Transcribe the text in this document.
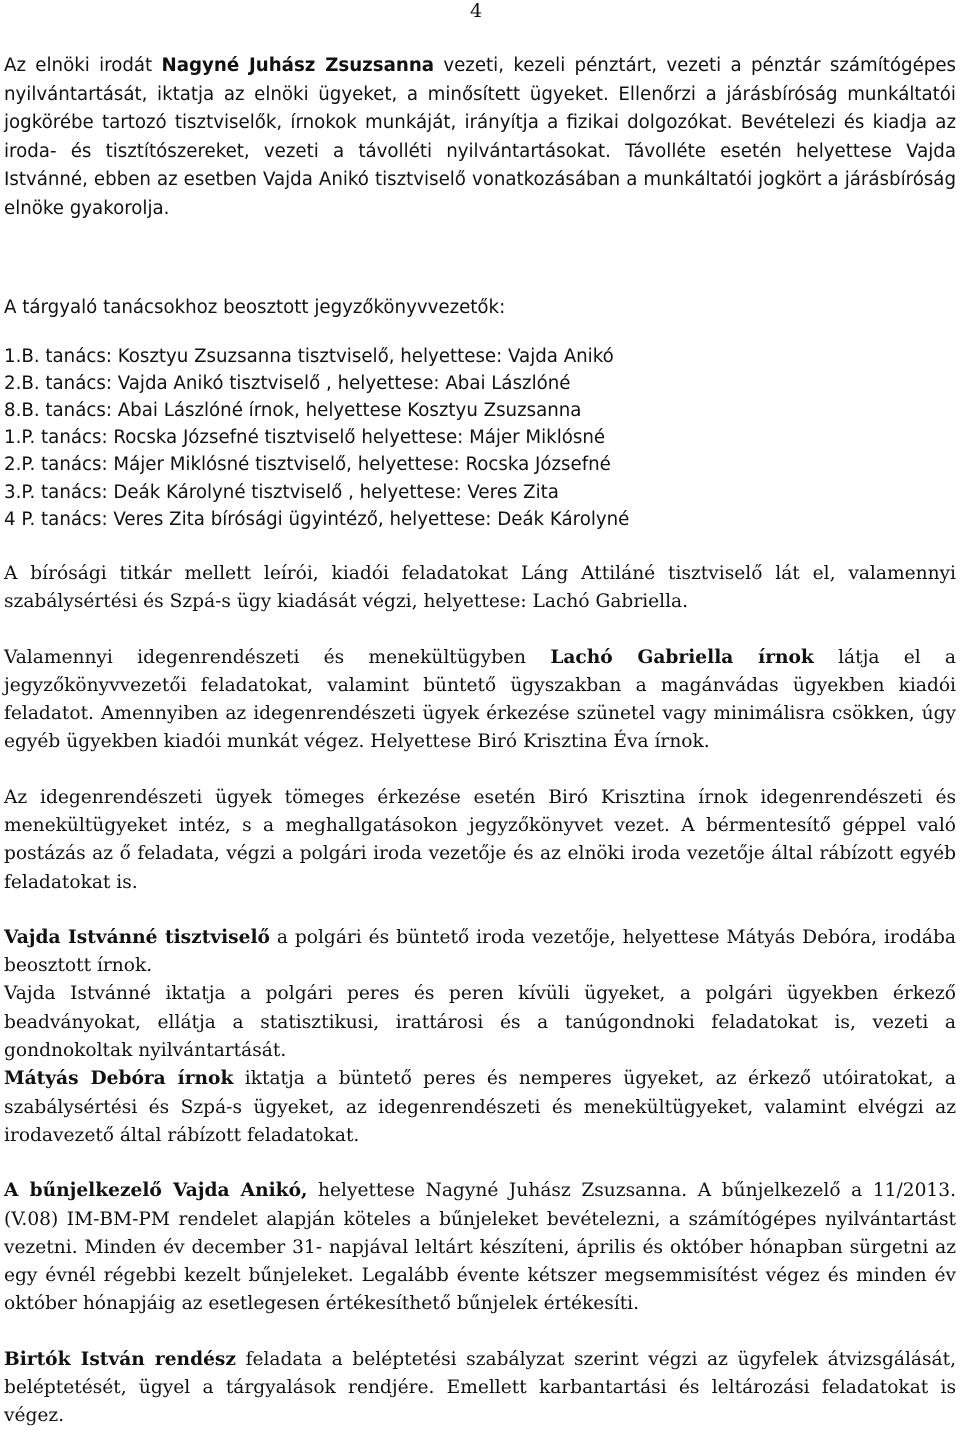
4

Az elnöki irodát Nagyné Juhász Zsuzsanna vezeti, kezeli pénztárt, vezeti a pénztár számítógépes nyilvántartását, iktatja az elnöki ügyeket, a minősített ügyeket. Ellenőrzi a járásbíróság munkáltatói jogkörébe tartozó tisztviselők, írnokok munkáját, irányítja a fizikai dolgozókat. Bevételezi és kiadja az iroda- és tisztítószereket, vezeti a távolléti nyilvántartásokat. Távolléte esetén helyettese Vajda Istvánné, ebben az esetben Vajda Anikó tisztviselő vonatkozásában a munkáltatói jogkört a járásbíróság elnöke gyakorolja.

A tárgyaló tanácsokhoz beosztott jegyzőkönyvvezetők:

1.B. tanács: Kosztyu Zsuzsanna tisztviselő, helyettese: Vajda Anikó

2.B. tanács: Vajda Anikó tisztviselő , helyettese: Abai Lászlóné

8.B. tanács: Abai Lászlóné írnok, helyettese Kosztyu Zsuzsanna

1.P. tanács: Rocska Józsefné tisztviselő helyettese: Májer Miklósné

2.P. tanács: Májer Miklósné tisztviselő, helyettese: Rocska Józsefné

3.P. tanács: Deák Károlyné tisztviselő , helyettese: Veres Zita

4 P. tanács: Veres Zita bírósági ügyintéző, helyettese: Deák Károlyné

A bírósági titkár mellett leírói, kiadói feladatokat Láng Attiláné tisztviselő lát el, valamennyi szabálysértési és Szpá-s ügy kiadását végzi, helyettese: Lachó Gabriella.

Valamennyi idegenrendészeti és menekültügyben Lachó Gabriella írnok látja el a jegyzőkönyvvezetői feladatokat, valamint büntető ügyszakban a magánvádas ügyekben kiadói feladatot. Amennyiben az idegenrendészeti ügyek érkezése szünetel vagy minimálisra csökken, úgy egyéb ügyekben kiadói munkát végez. Helyettese Biró Krisztina Éva írnok.

Az idegenrendészeti ügyek tömeges érkezése esetén Biró Krisztina írnok idegenrendészeti és menekültügyeket intéz, s a meghallgatásokon jegyzőkönyvet vezet. A bérmentesítő géppel való postázás az ő feladata, végzi a polgári iroda vezetője és az elnöki iroda vezetője által rábízott egyéb feladatokat is.

Vajda Istvánné tisztviselő a polgári és büntető iroda vezetője, helyettese Mátyás Debóra, irodába beosztott írnok.

Vajda Istvánné iktatja a polgári peres és peren kívüli ügyeket, a polgári ügyekben érkező beadványokat, ellátja a statisztikusi, irattárosi és a tanúgondnoki feladatokat is, vezeti a gondnokoltak nyilvántartását.

Mátyás Debóra írnok iktatja a büntető peres és nemperes ügyeket, az érkező utóiratokat, a szabálysértési és Szpá-s ügyeket, az idegenrendészeti és menekültügyeket, valamint elvégzi az irodavezető által rábízott feladatokat.

A bűnjelkezelő Vajda Anikó, helyettese Nagyné Juhász Zsuzsanna. A bűnjelkezelő a 11/2013. (V.08) IM-BM-PM rendelet alapján köteles a bűnjeleket bevételezni, a számítógépes nyilvántartást vezetni. Minden év december 31- napjával leltárt készíteni, április és október hónapban sürgetni az egy évnél régebbi kezelt bűnjeleket. Legalább évente kétszer megsemmisítést végez és minden év október hónapjáig az esetlegesen értékesíthető bűnjelek értékesíti.

Birtók István rendész feladata a beléptetési szabályzat szerint végzi az ügyfelek átvizsgálását, beléptetését, ügyel a tárgyalások rendjére. Emellett karbantartási és leltározási feladatokat is végez.
